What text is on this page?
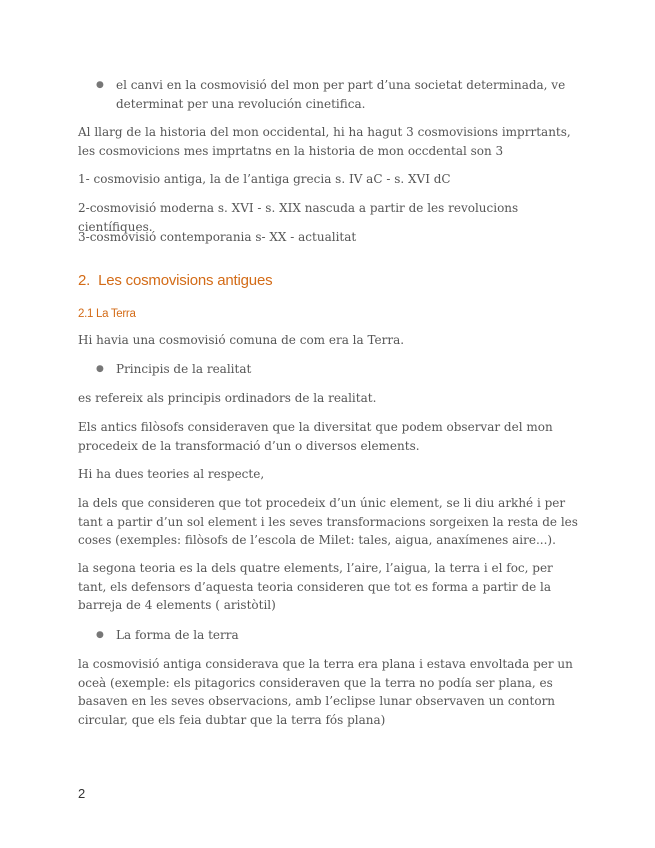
● el canvi en la cosmovisió del mon per part d’una societat determinada, ve determinat per una revolución cinetifica.

Al llarg de la historia del mon occidental, hi ha hagut 3 cosmovisions imprrtants, les cosmovicions mes imprtatns en la historia de mon occdental son 3

1- cosmovisio antiga, la de l’antiga grecia s. IV aC - s. XVI dC

2-cosmovisió moderna s. XVI - s. XIX nascuda a partir de les revolucions científiques.

3-cosmovisió contemporania s- XX - actualitat

2. Les cosmovisions antigues
2.1 La Terra

Hi havia una cosmovisió comuna de com era la Terra.

● Principis de la realitat

es refereix als principis ordinadors de la realitat.

Els antics filòsofs consideraven que la diversitat que podem observar del mon procedeix de la transformació d’un o diversos elements.

Hi ha dues teories al respecte,

la dels que consideren que tot procedeix d’un únic element, se li diu arkhé i per tant a partir d’un sol element i les seves transformacions sorgeixen la resta de les coses (exemples: filòsofs de l’escola de Milet: tales, aigua, anaxímenes aire...).

la segona teoria es la dels quatre elements, l’aire, l’aigua, la terra i el foc, per tant, els defensors d’aquesta teoria consideren que tot es forma a partir de la barreja de 4 elements ( aristòtil)

● La forma de la terra

la cosmovisió antiga considerava que la terra era plana i estava envoltada per un oceà (exemple: els pitagorics consideraven que la terra no podía ser plana, es basaven en les seves observacions, amb l’eclipse lunar observaven un contorn circular, que els feia dubtar que la terra fós plana)

2
